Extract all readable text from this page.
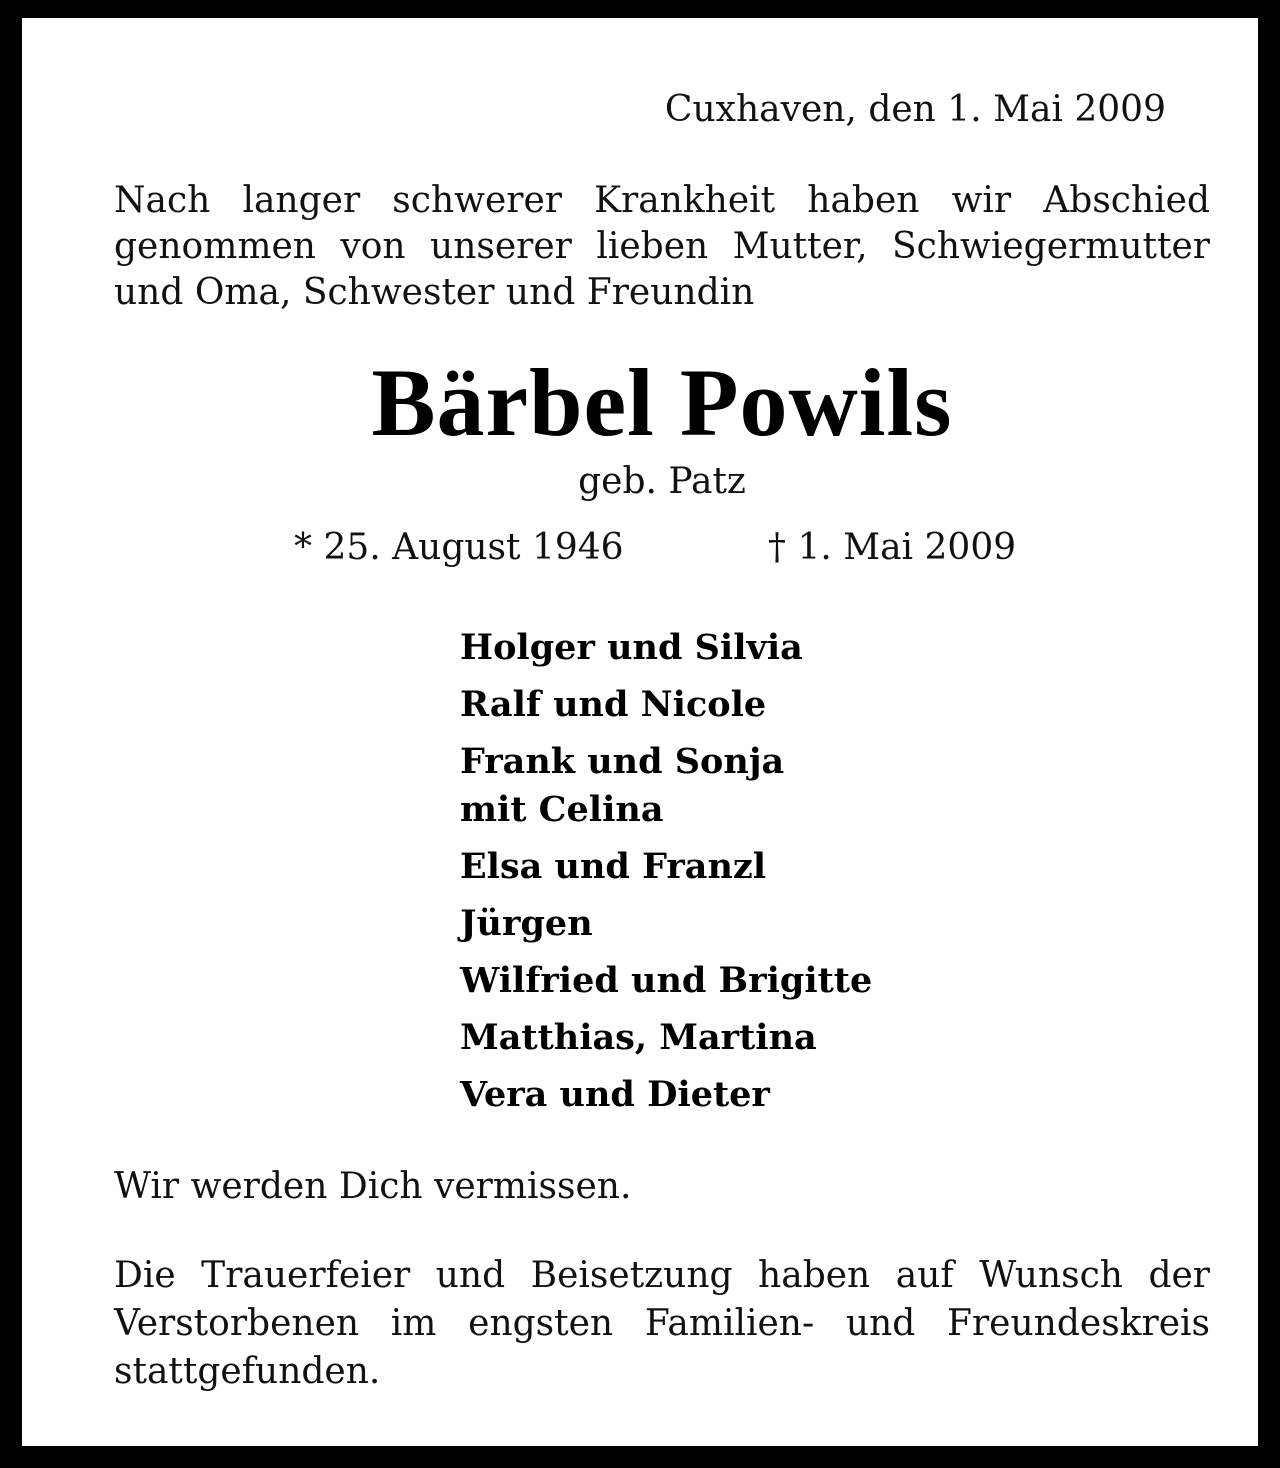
Cuxhaven, den 1. Mai 2009
Nach langer schwerer Krankheit haben wir Abschied
genommen von unserer lieben Mutter, Schwiegermutter
und Oma, Schwester und Freundin
Bärbel Powils
geb. Patz
* 25. August 1946	† 1. Mai 2009
Holger und Silvia
Ralf und Nicole
Frank und Sonja
mit Celina
Elsa und Franzl
Jürgen
Wilfried und Brigitte
Matthias, Martina
Vera und Dieter
Wir werden Dich vermissen.
Die Trauerfeier und Beisetzung haben auf Wunsch der
Verstorbenen im engsten Familien- und Freundeskreis
stattgefunden.
